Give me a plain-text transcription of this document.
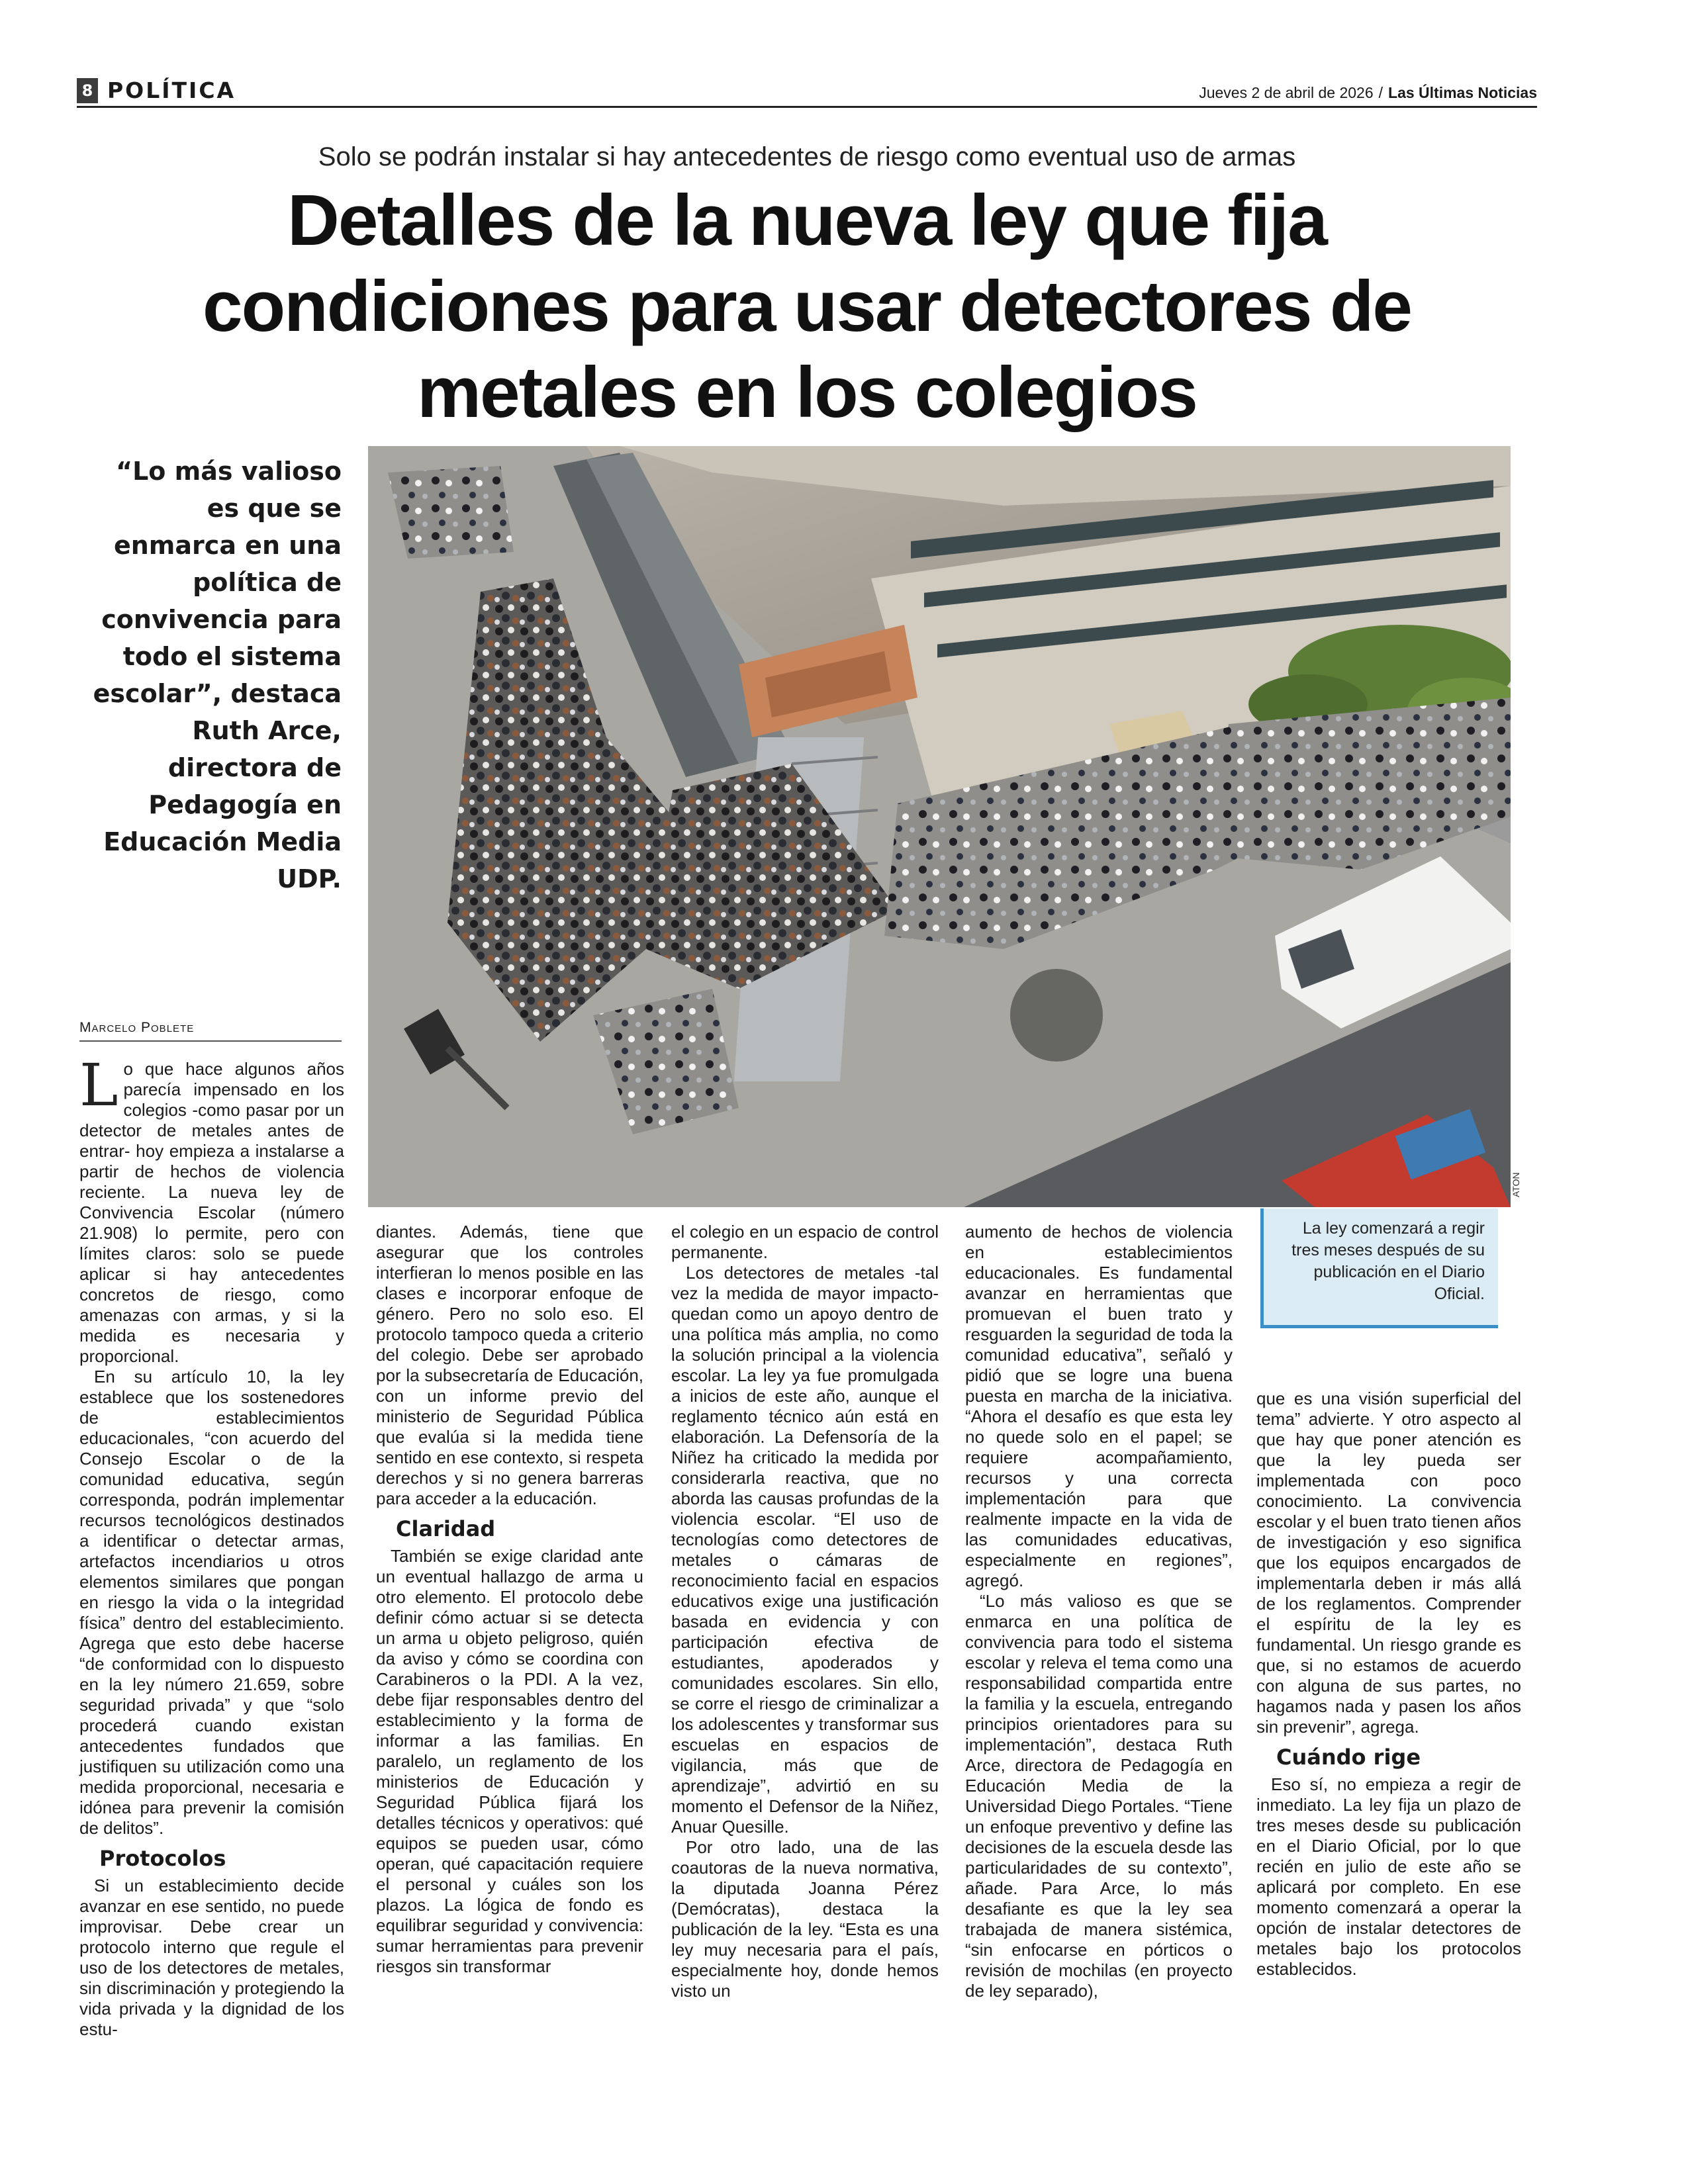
8 POLÍTICA	Jueves 2 de abril de 2026 / Las Últimas Noticias
Solo se podrán instalar si hay antecedentes de riesgo como eventual uso de armas
Detalles de la nueva ley que fija condiciones para usar detectores de metales en los colegios
“Lo más valioso es que se enmarca en una política de convivencia para todo el sistema escolar”, destaca Ruth Arce, directora de Pedagogía en Educación Media UDP.
ATON

La ley comenzará a regir tres meses después de su publicación en el Diario Oficial.

Marcelo Poblete

Lo que hace algunos años parecía impensado en los colegios -como pasar por un detector de metales antes de entrar- hoy empieza a instalarse a partir de hechos de violencia reciente. La nueva ley de Convivencia Escolar (número 21.908) lo permite, pero con límites claros: solo se puede aplicar si hay antecedentes concretos de riesgo, como amenazas con armas, y si la medida es necesaria y proporcional.

En su artículo 10, la ley establece que los sostenedores de establecimientos educacionales, “con acuerdo del Consejo Escolar o de la comunidad educativa, según corresponda, podrán implementar recursos tecnológicos destinados a identificar o detectar armas, artefactos incendiarios u otros elementos similares que pongan en riesgo la vida o la integridad física” dentro del establecimiento. Agrega que esto debe hacerse “de conformidad con lo dispuesto en la ley número 21.659, sobre seguridad privada” y que “solo procederá cuando existan antecedentes fundados que justifiquen su utilización como una medida proporcional, necesaria e idónea para prevenir la comisión de delitos”.

Protocolos

Si un establecimiento decide avanzar en ese sentido, no puede improvisar. Debe crear un protocolo interno que regule el uso de los detectores de metales, sin discriminación y protegiendo la vida privada y la dignidad de los estu-

diantes. Además, tiene que asegurar que los controles interfieran lo menos posible en las clases e incorporar enfoque de género. Pero no solo eso. El protocolo tampoco queda a criterio del colegio. Debe ser aprobado por la subsecretaría de Educación, con un informe previo del ministerio de Seguridad Pública que evalúa si la medida tiene sentido en ese contexto, si respeta derechos y si no genera barreras para acceder a la educación.

Claridad

También se exige claridad ante un eventual hallazgo de arma u otro elemento. El protocolo debe definir cómo actuar si se detecta un arma u objeto peligroso, quién da aviso y cómo se coordina con Carabineros o la PDI. A la vez, debe fijar responsables dentro del establecimiento y la forma de informar a las familias. En paralelo, un reglamento de los ministerios de Educación y Seguridad Pública fijará los detalles técnicos y operativos: qué equipos se pueden usar, cómo operan, qué capacitación requiere el personal y cuáles son los plazos. La lógica de fondo es equilibrar seguridad y convivencia: sumar herramientas para prevenir riesgos sin transformar

el colegio en un espacio de control permanente.

Los detectores de metales -tal vez la medida de mayor impacto- quedan como un apoyo dentro de una política más amplia, no como la solución principal a la violencia escolar. La ley ya fue promulgada a inicios de este año, aunque el reglamento técnico aún está en elaboración. La Defensoría de la Niñez ha criticado la medida por considerarla reactiva, que no aborda las causas profundas de la violencia escolar. “El uso de tecnologías como detectores de metales o cámaras de reconocimiento facial en espacios educativos exige una justificación basada en evidencia y con participación efectiva de estudiantes, apoderados y comunidades escolares. Sin ello, se corre el riesgo de criminalizar a los adolescentes y transformar sus escuelas en espacios de vigilancia, más que de aprendizaje”, advirtió en su momento el Defensor de la Niñez, Anuar Quesille.

Por otro lado, una de las coautoras de la nueva normativa, la diputada Joanna Pérez (Demócratas), destaca la publicación de la ley. “Esta es una ley muy necesaria para el país, especialmente hoy, donde hemos visto un

aumento de hechos de violencia en establecimientos educacionales. Es fundamental avanzar en herramientas que promuevan el buen trato y resguarden la seguridad de toda la comunidad educativa”, señaló y pidió que se logre una buena puesta en marcha de la iniciativa. “Ahora el desafío es que esta ley no quede solo en el papel; se requiere acompañamiento, recursos y una correcta implementación para que realmente impacte en la vida de las comunidades educativas, especialmente en regiones”, agregó.

“Lo más valioso es que se enmarca en una política de convivencia para todo el sistema escolar y releva el tema como una responsabilidad compartida entre la familia y la escuela, entregando principios orientadores para su implementación”, destaca Ruth Arce, directora de Pedagogía en Educación Media de la Universidad Diego Portales. “Tiene un enfoque preventivo y define las decisiones de la escuela desde las particularidades de su contexto”, añade. Para Arce, lo más desafiante es que la ley sea trabajada de manera sistémica, “sin enfocarse en pórticos o revisión de mochilas (en proyecto de ley separado),

que es una visión superficial del tema” advierte. Y otro aspecto al que hay que poner atención es que la ley pueda ser implementada con poco conocimiento. La convivencia escolar y el buen trato tienen años de investigación y eso significa que los equipos encargados de implementarla deben ir más allá de los reglamentos. Comprender el espíritu de la ley es fundamental. Un riesgo grande es que, si no estamos de acuerdo con alguna de sus partes, no hagamos nada y pasen los años sin prevenir”, agrega.

Cuándo rige

Eso sí, no empieza a regir de inmediato. La ley fija un plazo de tres meses desde su publicación en el Diario Oficial, por lo que recién en julio de este año se aplicará por completo. En ese momento comenzará a operar la opción de instalar detectores de metales bajo los protocolos establecidos.
